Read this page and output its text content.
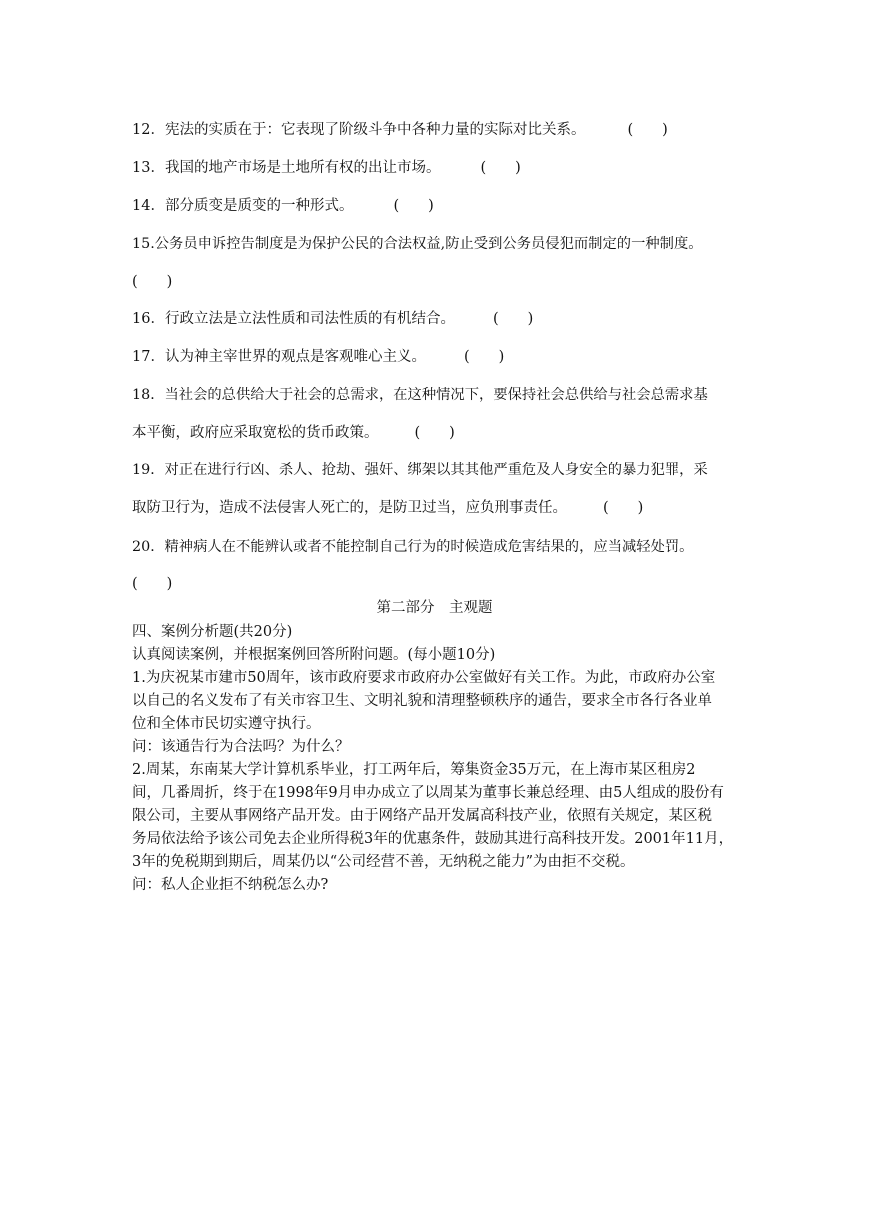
12．宪法的实质在于：它表现了阶级斗争中各种力量的实际对比关系。	(　　)
13．我国的地产市场是土地所有权的出让市场。	(　　)
14．部分质变是质变的一种形式。	(　　)
15.公务员申诉控告制度是为保护公民的合法权益,防止受到公务员侵犯而制定的一种制度。
(　　)
16．行政立法是立法性质和司法性质的有机结合。	(　　)
17．认为神主宰世界的观点是客观唯心主义。	(　　)
18．当社会的总供给大于社会的总需求，在这种情况下，要保持社会总供给与社会总需求基
本平衡，政府应采取宽松的货币政策。 (　　)
19．对正在进行行凶、杀人、抢劫、强奸、绑架以其其他严重危及人身安全的暴力犯罪，采
取防卫行为，造成不法侵害人死亡的，是防卫过当，应负刑事责任。 (　　)
20．精神病人在不能辨认或者不能控制自己行为的时候造成危害结果的，应当减轻处罚。
(　　)
第二部分　主观题
四、案例分析题(共20分)
认真阅读案例，并根据案例回答所附问题。(每小题10分)
1.为庆祝某市建市50周年，该市政府要求市政府办公室做好有关工作。为此，市政府办公室
以自己的名义发布了有关市容卫生、文明礼貌和清理整顿秩序的通告，要求全市各行各业单
位和全体市民切实遵守执行。
问：该通告行为合法吗？为什么？
2.周某，东南某大学计算机系毕业，打工两年后，筹集资金35万元，在上海市某区租房2
间，几番周折，终于在1998年9月申办成立了以周某为董事长兼总经理、由5人组成的股份有
限公司，主要从事网络产品开发。由于网络产品开发属高科技产业，依照有关规定，某区税
务局依法给予该公司免去企业所得税3年的优惠条件，鼓励其进行高科技开发。2001年11月，
3年的免税期到期后，周某仍以“公司经营不善，无纳税之能力”为由拒不交税。
问：私人企业拒不纳税怎么办?
